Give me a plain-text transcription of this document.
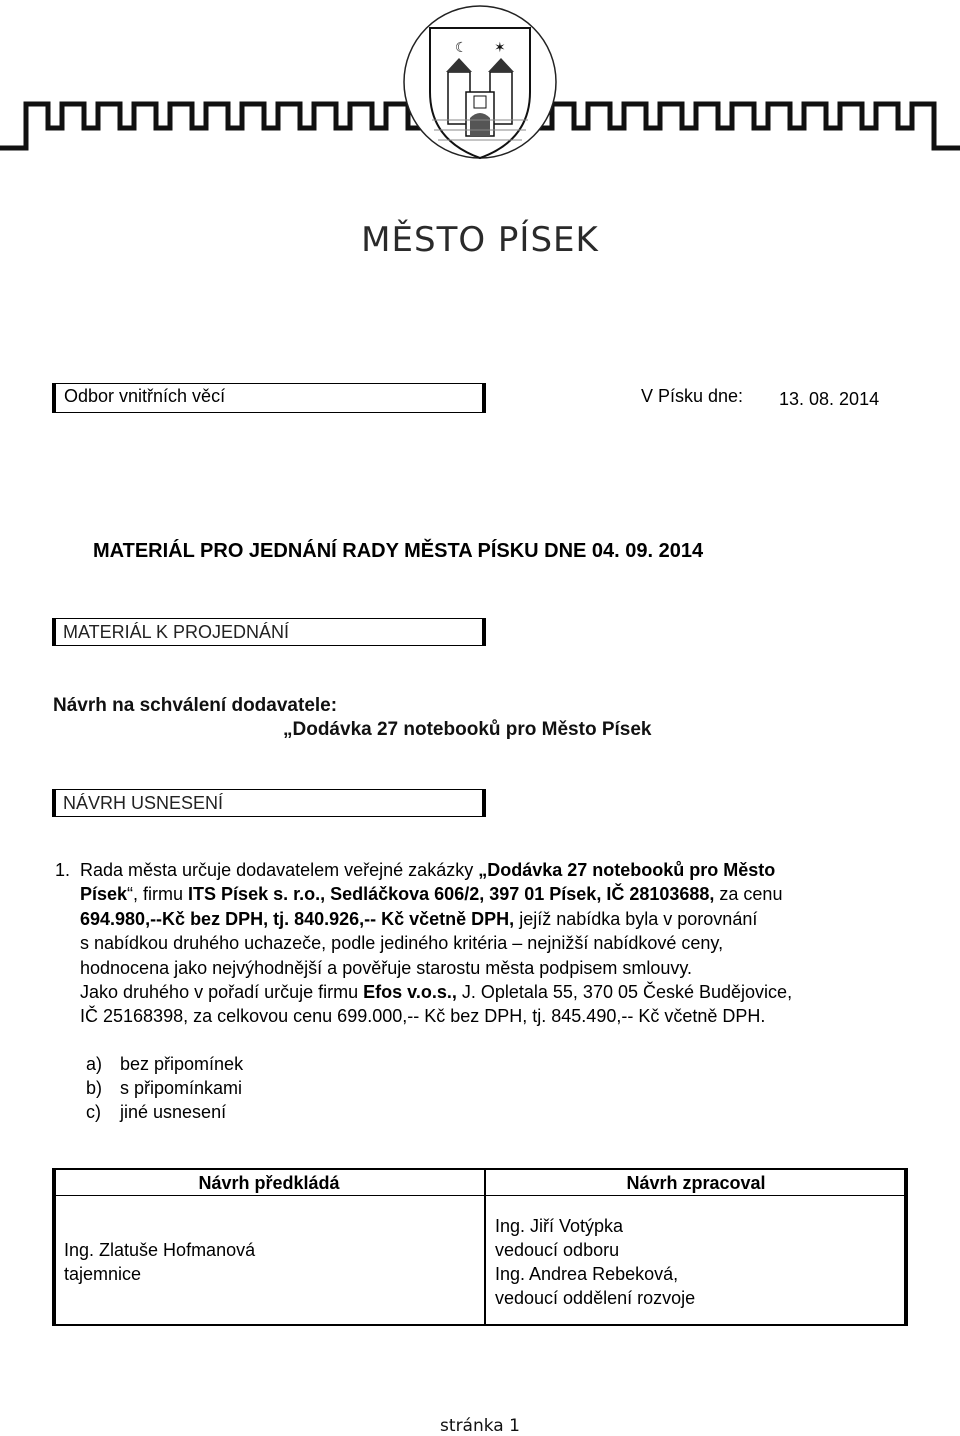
☾ ✶
MĚSTO PÍSEK
Odbor vnitřních věcí	V Písku dne: 13. 08. 2014
MATERIÁL PRO JEDNÁNÍ RADY MĚSTA PÍSKU DNE 04. 09. 2014
MATERIÁL K PROJEDNÁNÍ
Návrh na schválení dodavatele:
„Dodávka 27 notebooků pro Město Písek
NÁVRH USNESENÍ

1. Rada města určuje dodavatelem veřejné zakázky „Dodávka 27 notebooků pro Město

Písek“, firmu ITS Písek s. r.o., Sedláčkova 606/2, 397 01 Písek, IČ 28103688, za cenu

694.980,--Kč bez DPH, tj. 840.926,-- Kč včetně DPH, jejíž nabídka byla v porovnání

s nabídkou druhého uchazeče, podle jediného kritéria – nejnižší nabídkové ceny,

hodnocena jako nejvýhodnější a pověřuje starostu města podpisem smlouvy.

Jako druhého v pořadí určuje firmu Efos v.o.s., J. Opletala 55, 370 05 České Budějovice,

IČ 25168398, za celkovou cenu 699.000,-- Kč bez DPH, tj. 845.490,-- Kč včetně DPH.

a) bez připomínek
b) s připomínkami
c) jiné usnesení
Návrh předkládá	Návrh zpracoval
Ing. Zlatuše Hofmanová
tajemnice
Ing. Jiří Votýpka
vedoucí odboru
Ing. Andrea Rebeková,
vedoucí oddělení rozvoje
stránka 1
